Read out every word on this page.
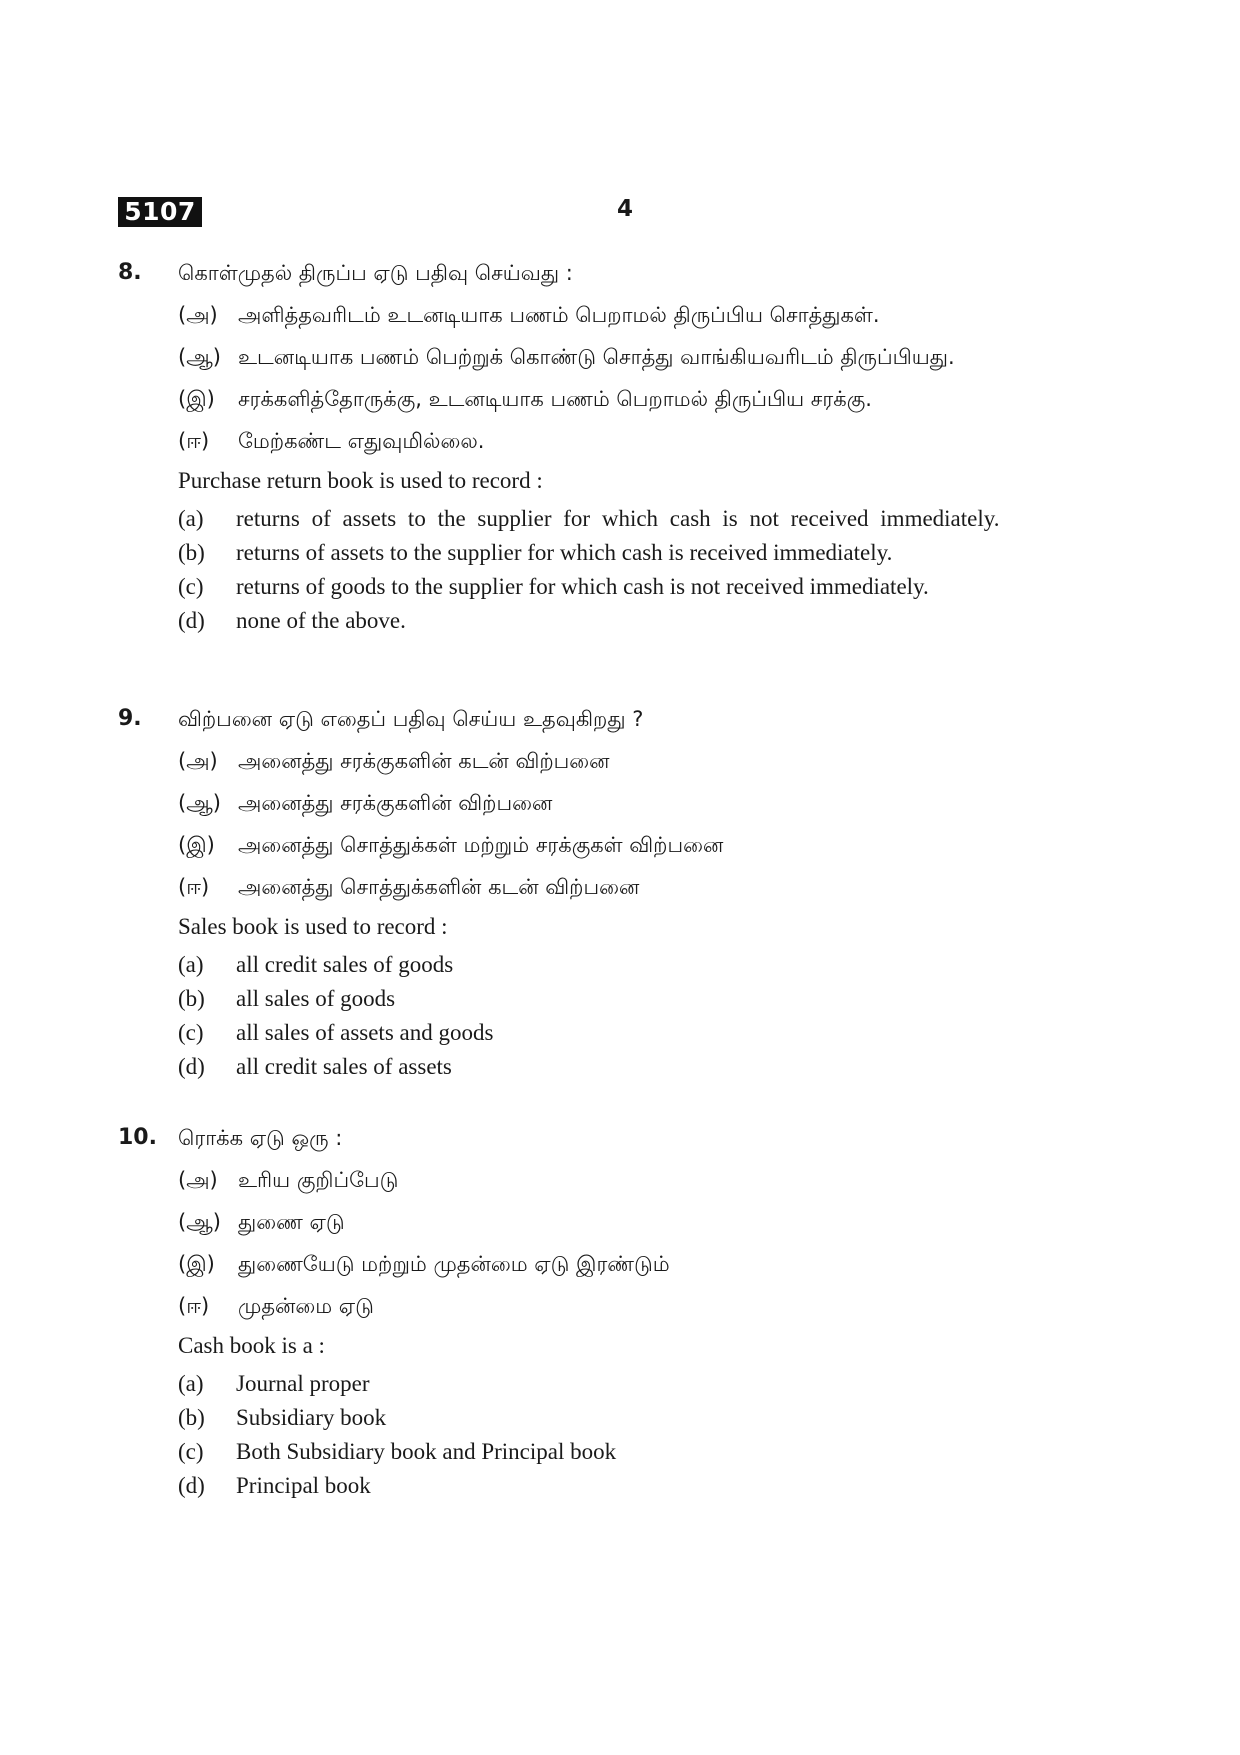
5107	4
8. கொள்முதல் திருப்ப ஏடு பதிவு செய்வது :
(அ) அளித்தவரிடம் உடனடியாக பணம் பெறாமல் திருப்பிய சொத்துகள்.
(ஆ) உடனடியாக பணம் பெற்றுக் கொண்டு சொத்து வாங்கியவரிடம் திருப்பியது.
(இ) சரக்களித்தோருக்கு, உடனடியாக பணம் பெறாமல் திருப்பிய சரக்கு.
(ஈ) மேற்கண்ட எதுவுமில்லை.
Purchase return book is used to record :
(a)	returns of assets to the supplier for which cash is not received immediately.
(b)	returns of assets to the supplier for which cash is received immediately.
(c)	returns of goods to the supplier for which cash is not received immediately.
(d)	none of the above.
9. விற்பனை ஏடு எதைப் பதிவு செய்ய உதவுகிறது ?
(அ) அனைத்து சரக்குகளின் கடன் விற்பனை
(ஆ) அனைத்து சரக்குகளின் விற்பனை
(இ) அனைத்து சொத்துக்கள் மற்றும் சரக்குகள் விற்பனை
(ஈ) அனைத்து சொத்துக்களின் கடன் விற்பனை
Sales book is used to record :
(a)	all credit sales of goods
(b)	all sales of goods
(c)	all sales of assets and goods
(d)	all credit sales of assets
10. ரொக்க ஏடு ஒரு :
(அ) உரிய குறிப்பேடு
(ஆ) துணை ஏடு
(இ) துணையேடு மற்றும் முதன்மை ஏடு இரண்டும்
(ஈ) முதன்மை ஏடு
Cash book is a :
(a)	Journal proper
(b)	Subsidiary book
(c)	Both Subsidiary book and Principal book
(d)	Principal book
